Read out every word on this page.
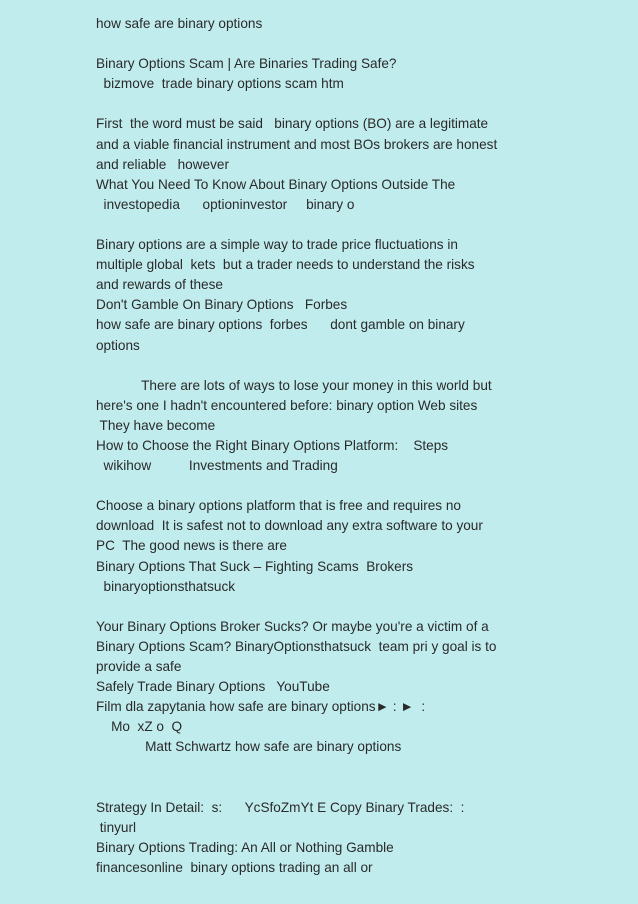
how safe are binary options
Binary Options Scam | Are Binaries Trading Safe?
bizmove  trade binary options scam htm
First  the word must be said   binary options (BO) are a legitimate
and a viable financial instrument and most BOs brokers are honest
and reliable   however
What You Need To Know About Binary Options Outside The
investopedia      optioninvestor     binary o
Binary options are a simple way to trade price fluctuations in
multiple global  kets  but a trader needs to understand the risks
and rewards of these
Don't Gamble On Binary Options   Forbes
how safe are binary options  forbes      dont gamble on binary
options
There are lots of ways to lose your money in this world but
here's one I hadn't encountered before: binary option Web sites
They have become
How to Choose the Right Binary Options Platform:    Steps
wikihow          Investments and Trading
Choose a binary options platform that is free and requires no
download  It is safest not to download any extra software to your
PC  The good news is there are
Binary Options That Suck – Fighting Scams  Brokers
binaryoptionsthatsuck
Your Binary Options Broker Sucks? Or maybe you're a victim of a
Binary Options Scam? BinaryOptionsthatsuck  team pri y goal is to
provide a safe
Safely Trade Binary Options   YouTube
Film dla zapytania how safe are binary options► : ►  :
Mo  xZ o  Q
Matt Schwartz how safe are binary options
Strategy In Detail:  s:      YcSfoZmYt E Copy Binary Trades:  :
tinyurl
Binary Options Trading: An All or Nothing Gamble
financesonline  binary options trading an all or
